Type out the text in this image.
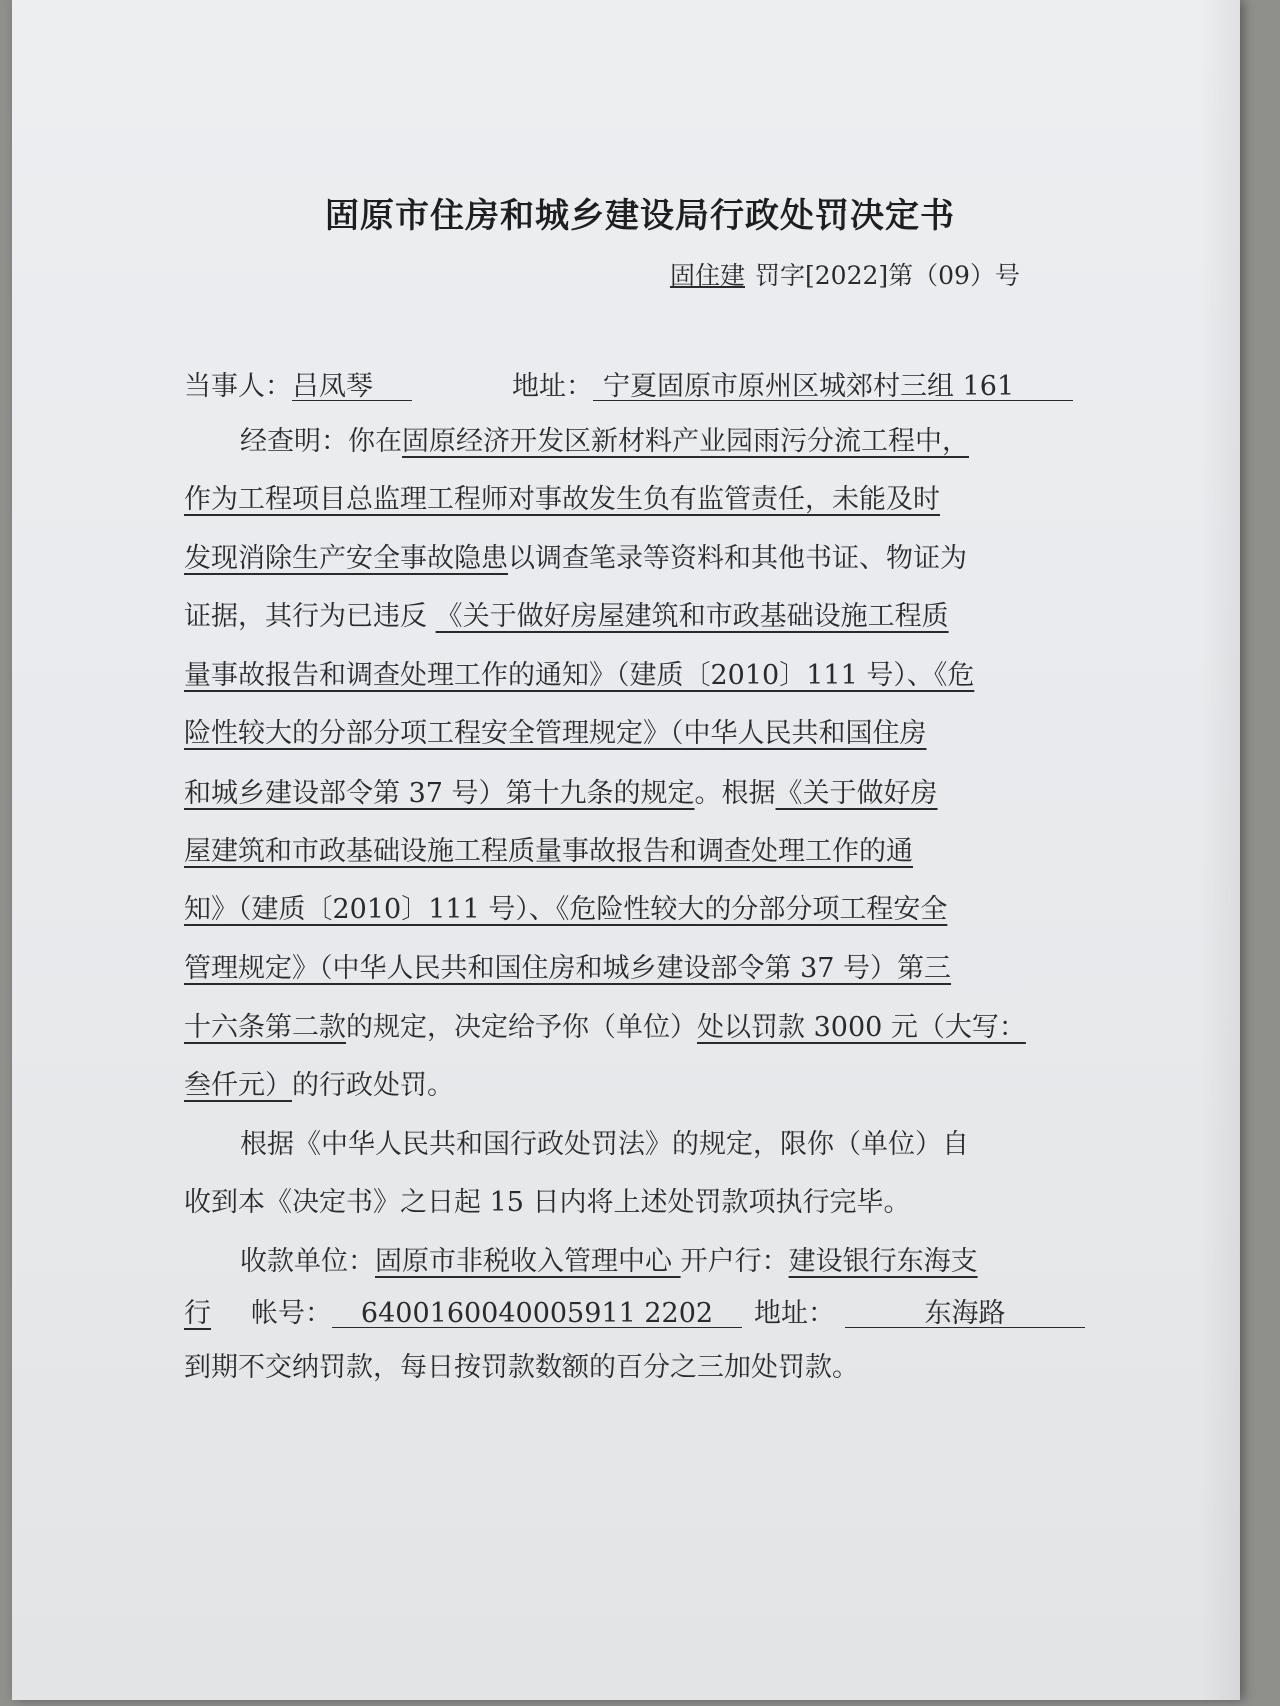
固原市住房和城乡建设局行政处罚决定书
固住建 罚字[2022]第（09）号
当事人：吕凤琴	地址： 宁夏固原市原州区城郊村三组 161
经查明：你在固原经济开发区新材料产业园雨污分流工程中，
作为工程项目总监理工程师对事故发生负有监管责任，未能及时
发现消除生产安全事故隐患以调查笔录等资料和其他书证、物证为
证据，其行为已违反 《关于做好房屋建筑和市政基础设施工程质
量事故报告和调查处理工作的通知》（建质〔2010〕111 号）、《危
险性较大的分部分项工程安全管理规定》（中华人民共和国住房
和城乡建设部令第 37 号）第十九条的规定。根据《关于做好房
屋建筑和市政基础设施工程质量事故报告和调查处理工作的通
知》（建质〔2010〕111 号）、《危险性较大的分部分项工程安全
管理规定》（中华人民共和国住房和城乡建设部令第 37 号）第三
十六条第二款的规定，决定给予你（单位）处以罚款 3000 元（大写：
叁仟元）的行政处罚。
根据《中华人民共和国行政处罚法》的规定，限你（单位）自
收到本《决定书》之日起 15 日内将上述处罚款项执行完毕。
收款单位：固原市非税收入管理中心 开户行：建设银行东海支
行 帐号： 6400160040005911 2202 地址：	东海路
到期不交纳罚款，每日按罚款数额的百分之三加处罚款。
